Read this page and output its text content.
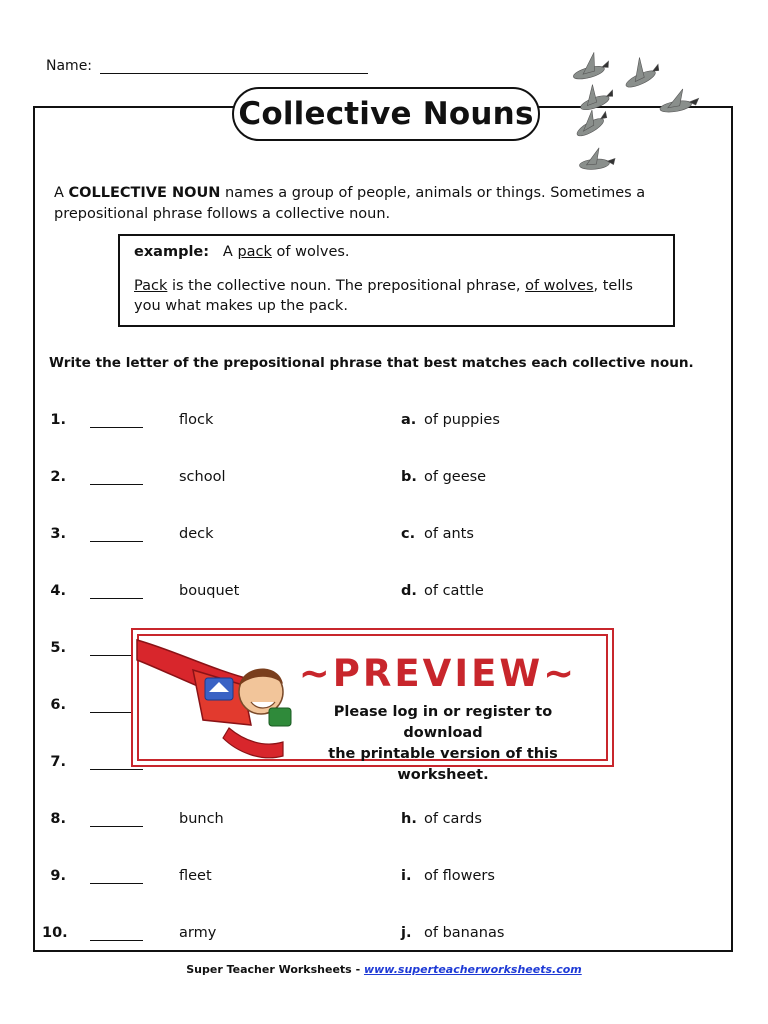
Name:
Collective Nouns
A COLLECTIVE NOUN names a group of people, animals or things. Sometimes a prepositional phrase follows a collective noun.
example: A pack of wolves.
Pack is the collective noun. The prepositional phrase, of wolves, tells you what makes up the pack.
Write the letter of the prepositional phrase that best matches each collective noun.
1.	flock	a. of puppies
2.	school	b. of geese
3.	deck	c. of ants
4.	bouquet	d. of cattle
5.
6.
7.
8.	bunch	h. of cards
9.	fleet	i. of flowers
10.	army	j. of bananas
~PREVIEW~
Please log in or register to download
the printable version of this worksheet.
Super Teacher Worksheets - www.superteacherworksheets.com
